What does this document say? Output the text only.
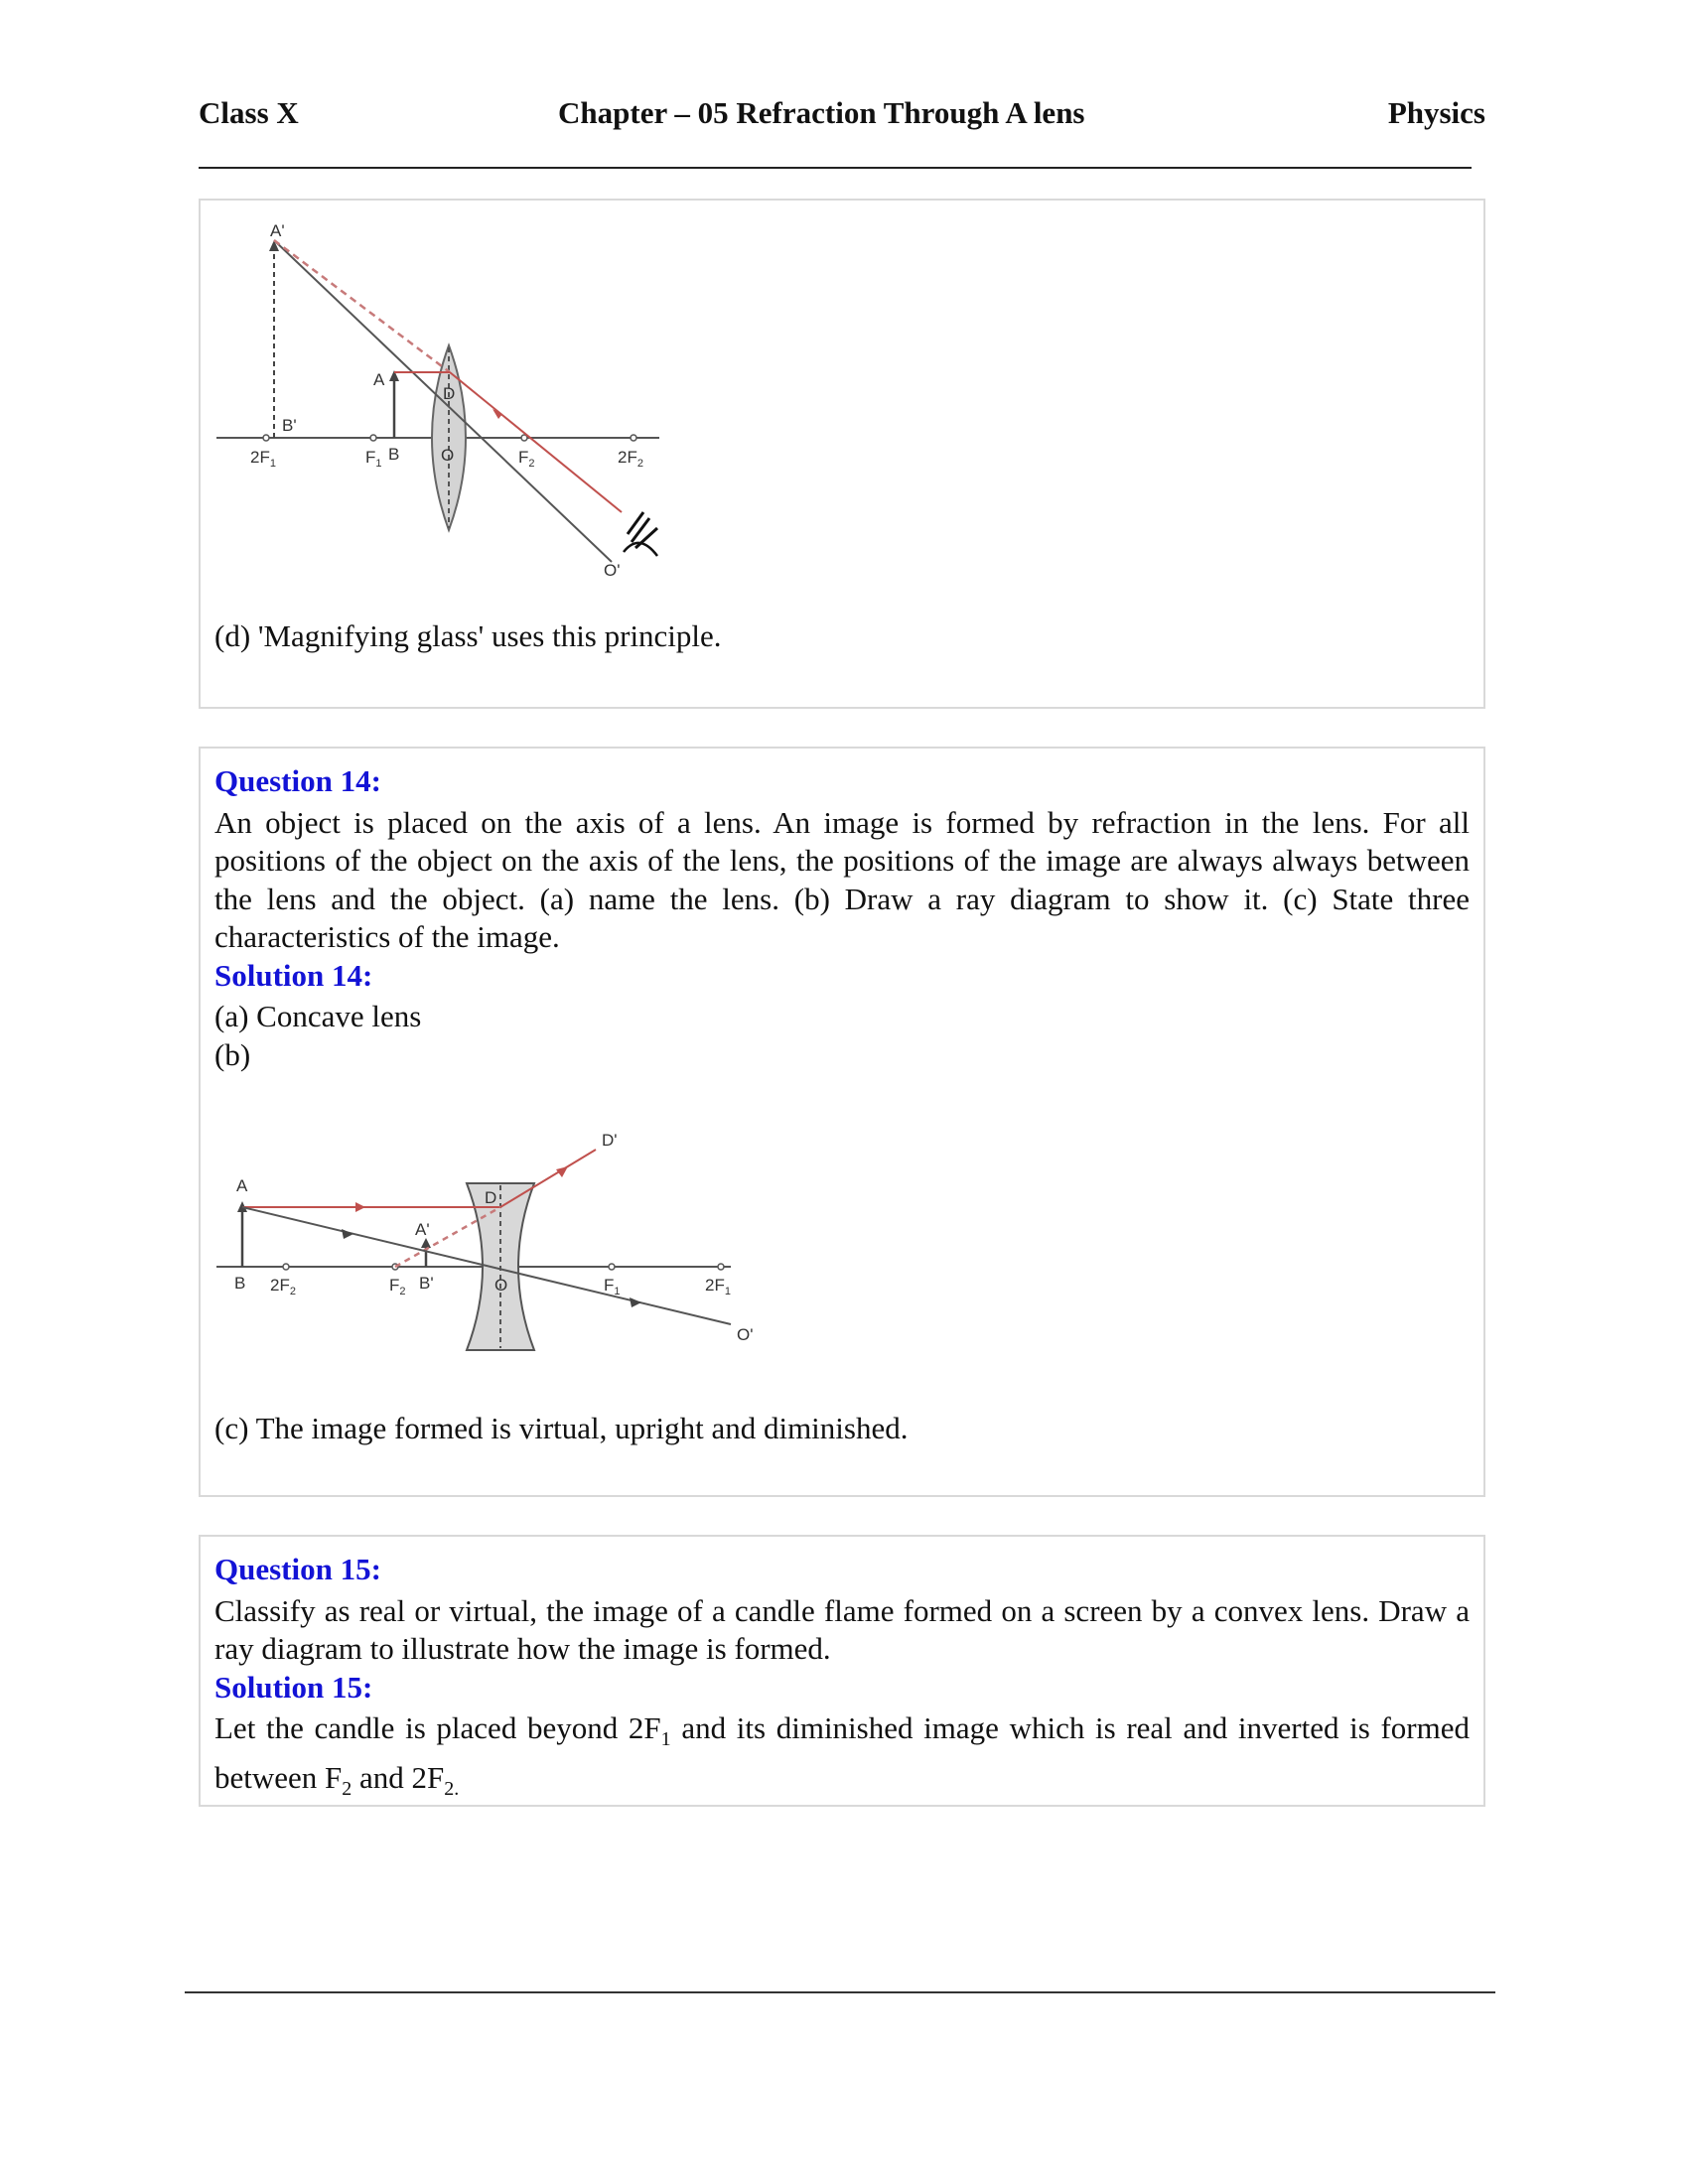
Class X	Chapter – 05 Refraction Through A lens	Physics
A'
B'
A
D
$2F_1$	$F_1$ B O	$F_2$	$2F_2$
O'
(d) 'Magnifying glass' uses this principle.
Question 14:
An object is placed on the axis of a lens. An image is formed by refraction in the lens. For all positions of the object on the axis of the lens, the positions of the image are always always between the lens and the object. (a) name the lens. (b) Draw a ray diagram to show it. (c) State three characteristics of the image.
Solution 14:
(a) Concave lens
(b)
A
B $2F_2$	$F_2$ B'
A'
D
D'
O	$F_1$	$2F_1$
O'
(c) The image formed is virtual, upright and diminished.
Question 15:
Classify as real or virtual, the image of a candle flame formed on a screen by a convex lens. Draw a ray diagram to illustrate how the image is formed.
Solution 15:
Let the candle is placed beyond $2F_1$ and its diminished image which is real and inverted is formed between $F_2$ and $2F_{2.}$
